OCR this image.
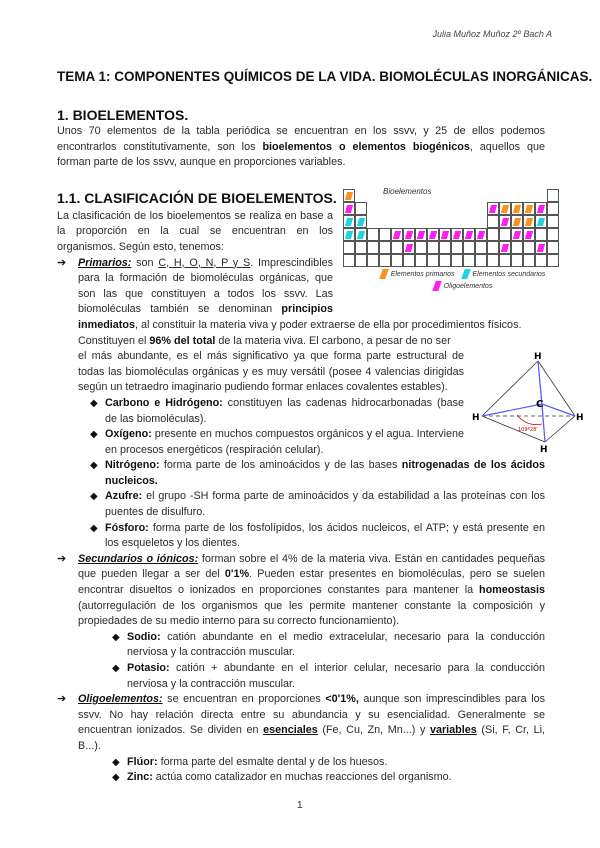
Julia Muñoz Muñoz 2º Bach A
TEMA 1: COMPONENTES QUÍMICOS DE LA VIDA. BIOMOLÉCULAS INORGÁNICAS.
1. BIOELEMENTOS.

Unos 70 elementos de la tabla periódica se encuentran en los ssvv, y 25 de ellos podemos encontrarlos constitutivamente, son los bioelementos o elementos biogénicos, aquellos que forman parte de los ssvv, aunque en proporciones variables.

Bioelementos
Elementos primarios	Elementos secundarios
Oligoelementos
1.1. CLASIFICACIÓN DE BIOELEMENTOS.

La clasificación de los bioelementos se realiza en base a la proporción en la cual se encuentran en los organismos. Según esto, tenemos:

➔ Primarios: son C, H, O, N, P y S. Imprescindibles para la formación de biomoléculas orgánicas, que son las que constituyen a todos los ssvv. Las biomoléculas también se denominan principios inmediatos, al constituir la materia viva y poder extraerse de ella por procedimientos físicos.

Constituyen el 96% del total de la materia viva. El carbono, a pesar de no ser

H
C
H	H
H
109º28'

el más abundante, es el más significativo ya que forma parte estructural de todas las biomoléculas orgánicas y es muy versátil (posee 4 valencias dirigidas según un tetraedro imaginario pudiendo formar enlaces covalentes estables).

◆ Carbono e Hidrógeno: constituyen las cadenas hidrocarbonadas (base de las biomoléculas).

◆ Oxígeno: presente en muchos compuestos orgánicos y el agua. Interviene en procesos energéticos (respiración celular).

◆ Nitrógeno: forma parte de los aminoácidos y de las bases nitrogenadas de los ácidos nucleicos.

◆ Azufre: el grupo -SH forma parte de aminoácidos y da estabilidad a las proteínas con los puentes de disulfuro.

◆ Fósforo: forma parte de los fosfolípidos, los ácidos nucleicos, el ATP; y está presente en los esqueletos y los dientes.

➔ Secundarios o iónicos: forman sobre el 4% de la materia viva. Están en cantidades pequeñas que pueden llegar a ser del 0'1%. Pueden estar presentes en biomoléculas, pero se suelen encontrar disueltos o ionizados en proporciones constantes para mantener la homeostasis (autorregulación de los organismos que les permite mantener constante la composición y propiedades de su medio interno para su correcto funcionamiento).

◆ Sodio: catión abundante en el medio extracelular, necesario para la conducción nerviosa y la contracción muscular.

◆ Potasio: catión + abundante en el interior celular, necesario para la conducción nerviosa y la contracción muscular.

➔ Oligoelementos: se encuentran en proporciones <0'1%, aunque son imprescindibles para los ssvv. No hay relación directa entre su abundancia y su esencialidad. Generalmente se encuentran ionizados. Se dividen en esenciales (Fe, Cu, Zn, Mn...) y variables (Si, F, Cr, Li, B...).

◆ Flúor: forma parte del esmalte dental y de los huesos.

◆ Zinc: actúa como catalizador en muchas reacciones del organismo.

1
